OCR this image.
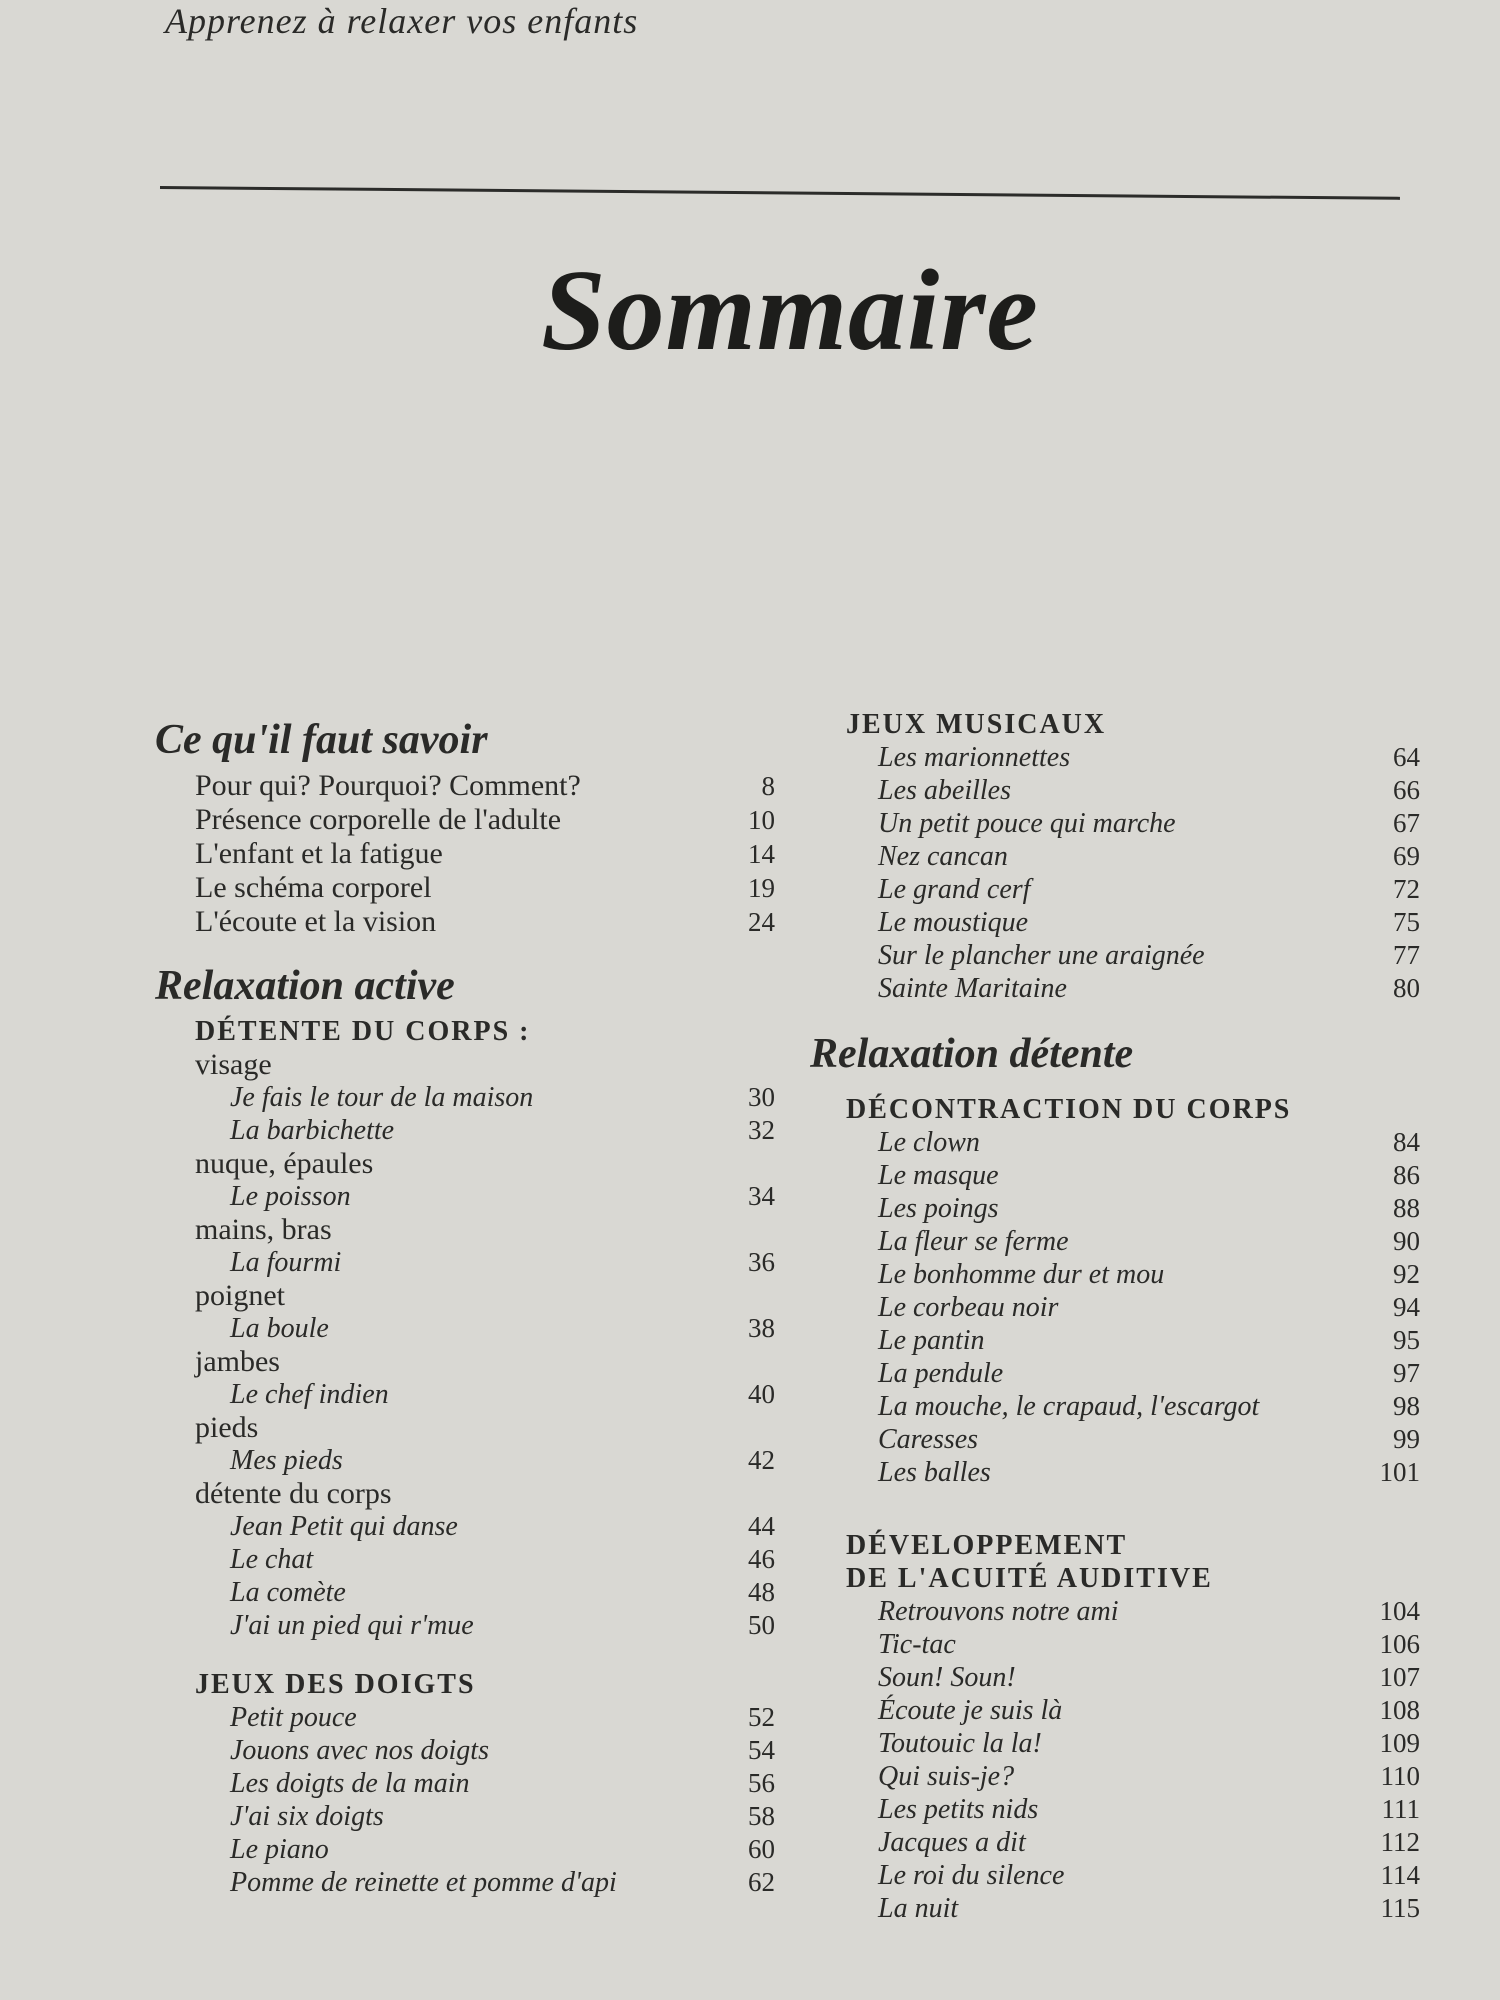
Apprenez à relaxer vos enfants
Sommaire
Ce qu'il faut savoir
Pour qui? Pourquoi? Comment?	8
Présence corporelle de l'adulte	10
L'enfant et la fatigue	14
Le schéma corporel	19
L'écoute et la vision	24
Relaxation active
DÉTENTE DU CORPS :
visage
Je fais le tour de la maison	30
La barbichette	32
nuque, épaules
Le poisson	34
mains, bras
La fourmi	36
poignet
La boule	38
jambes
Le chef indien	40
pieds
Mes pieds	42
détente du corps
Jean Petit qui danse	44
Le chat	46
La comète	48
J'ai un pied qui r'mue	50
JEUX DES DOIGTS
Petit pouce	52
Jouons avec nos doigts	54
Les doigts de la main	56
J'ai six doigts	58
Le piano	60
Pomme de reinette et pomme d'api	62
JEUX MUSICAUX
Les marionnettes	64
Les abeilles	66
Un petit pouce qui marche	67
Nez cancan	69
Le grand cerf	72
Le moustique	75
Sur le plancher une araignée	77
Sainte Maritaine	80
Relaxation détente
DÉCONTRACTION DU CORPS
Le clown	84
Le masque	86
Les poings	88
La fleur se ferme	90
Le bonhomme dur et mou	92
Le corbeau noir	94
Le pantin	95
La pendule	97
La mouche, le crapaud, l'escargot	98
Caresses	99
Les balles	101
DÉVELOPPEMENT
DE L'ACUITÉ AUDITIVE
Retrouvons notre ami	104
Tic-tac	106
Soun! Soun!	107
Écoute je suis là	108
Toutouic la la!	109
Qui suis-je?	110
Les petits nids	111
Jacques a dit	112
Le roi du silence	114
La nuit	115
